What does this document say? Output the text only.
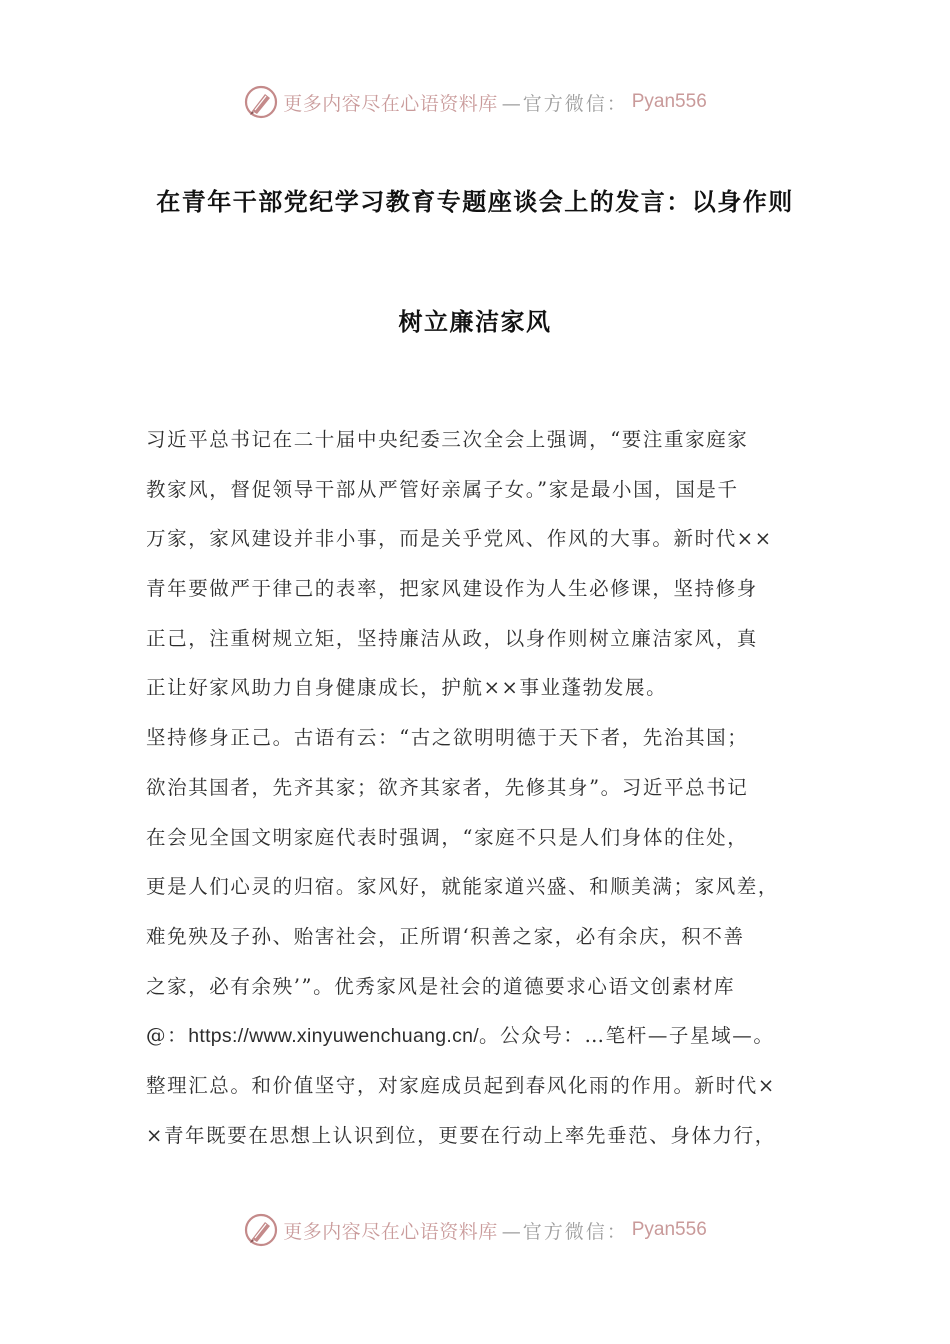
更多内容尽在心语资料库 —官方微信： Pyan556
在青年干部党纪学习教育专题座谈会上的发言：以身作则
树立廉洁家风
习近平总书记在二十届中央纪委三次全会上强调，“要注重家庭家
教家风，督促领导干部从严管好亲属子女。”家是最小国，国是千
万家，家风建设并非小事，而是关乎党风、作风的大事。新时代××
青年要做严于律己的表率，把家风建设作为人生必修课，坚持修身
正己，注重树规立矩，坚持廉洁从政，以身作则树立廉洁家风，真
正让好家风助力自身健康成长，护航××事业蓬勃发展。
坚持修身正己。古语有云：“古之欲明明德于天下者，先治其国；
欲治其国者，先齐其家；欲齐其家者，先修其身”。习近平总书记
在会见全国文明家庭代表时强调，“家庭不只是人们身体的住处，
更是人们心灵的归宿。家风好，就能家道兴盛、和顺美满；家风差，
难免殃及子孙、贻害社会，正所谓‘积善之家，必有余庆，积不善
之家，必有余殃’”。优秀家风是社会的道德要求心语文创素材库
@：https://www.xinyuwenchuang.cn/。公众号：…笔杆—子星域—。
整理汇总。和价值坚守，对家庭成员起到春风化雨的作用。新时代×
×青年既要在思想上认识到位，更要在行动上率先垂范、身体力行，
更多内容尽在心语资料库 —官方微信： Pyan556
